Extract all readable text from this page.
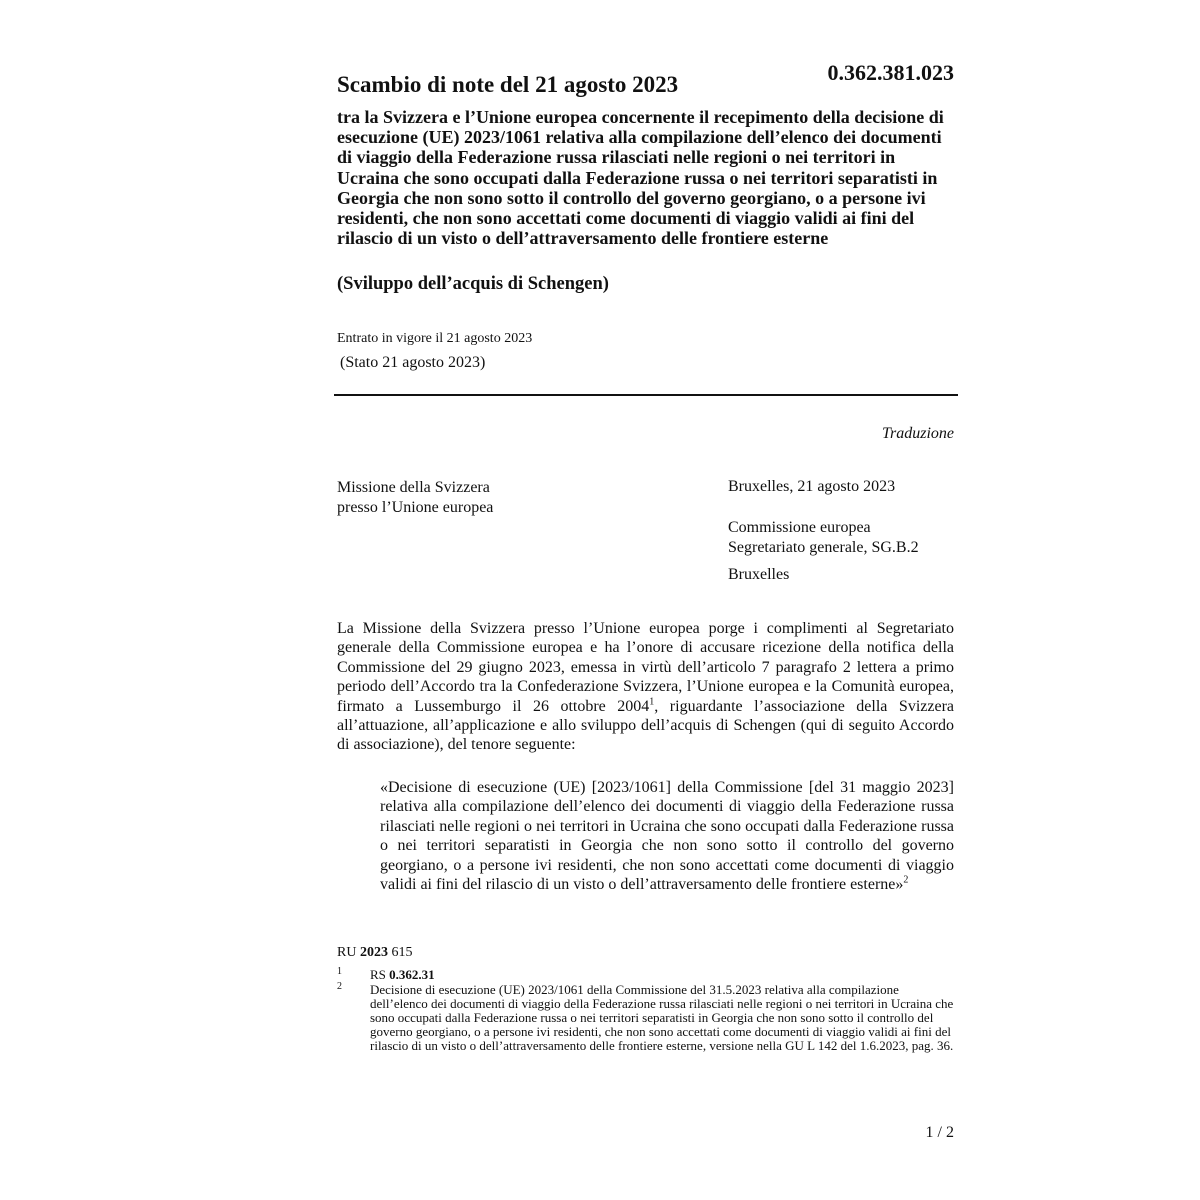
0.362.381.023
Scambio di note del 21 agosto 2023
tra la Svizzera e l’Unione europea concernente il recepimento della decisione di esecuzione (UE) 2023/1061 relativa alla compilazione dell’elenco dei documenti di viaggio della Federazione russa rilasciati nelle regioni o nei territori in Ucraina che sono occupati dalla Federazione russa o nei territori separatisti in Georgia che non sono sotto il controllo del governo georgiano, o a persone ivi residenti, che non sono accettati come documenti di viaggio validi ai fini del rilascio di un visto o dell’attraversamento delle frontiere esterne
(Sviluppo dell’acquis di Schengen)
Entrato in vigore il 21 agosto 2023
(Stato 21 agosto 2023)
Traduzione
Missione della Svizzera
presso l’Unione europea
Bruxelles, 21 agosto 2023
Commissione europea
Segretariato generale, SG.B.2
Bruxelles

La Missione della Svizzera presso l’Unione europea porge i complimenti al Segretariato generale della Commissione europea e ha l’onore di accusare ricezione della notifica della Commissione del 29 giugno 2023, emessa in virtù dell’articolo 7 paragrafo 2 lettera a primo periodo dell’Accordo tra la Confederazione Svizzera, l’Unione europea e la Comunità europea, firmato a Lussemburgo il 26 ottobre 2004$^1$, riguardante l’associazione della Svizzera all’attuazione, all’applicazione e allo sviluppo dell’acquis di Schengen (qui di seguito Accordo di associazione), del tenore seguente:

«Decisione di esecuzione (UE) [2023/1061] della Commissione [del 31 maggio 2023] relativa alla compilazione dell’elenco dei documenti di viaggio della Federazione russa rilasciati nelle regioni o nei territori in Ucraina che sono occupati dalla Federazione russa o nei territori separatisti in Georgia che non sono sotto il controllo del governo georgiano, o a persone ivi residenti, che non sono accettati come documenti di viaggio validi ai fini del rilascio di un visto o dell’attraversamento delle frontiere esterne»$^2$

RU 2023 615
1 RS 0.362.31
2 Decisione di esecuzione (UE) 2023/1061 della Commissione del 31.5.2023 relativa alla compilazione dell’elenco dei documenti di viaggio della Federazione russa rilasciati nelle regioni o nei territori in Ucraina che sono occupati dalla Federazione russa o nei territori separatisti in Georgia che non sono sotto il controllo del governo georgiano, o a persone ivi residenti, che non sono accettati come documenti di viaggio validi ai fini del rilascio di un visto o dell’attraversamento delle frontiere esterne, versione nella GU L 142 del 1.6.2023, pag. 36.
1 / 2
